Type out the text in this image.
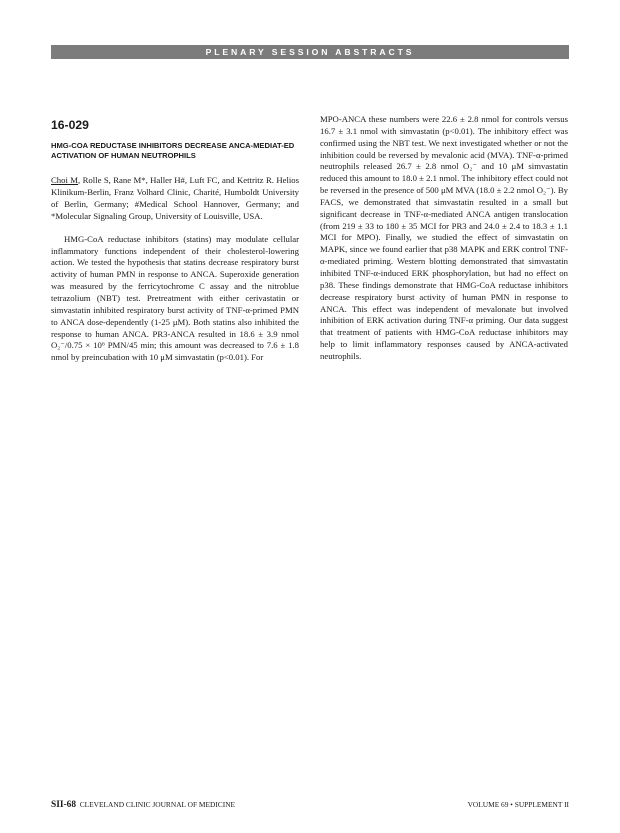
PLENARY SESSION ABSTRACTS
16-029
HMG-COA REDUCTASE INHIBITORS DECREASE ANCA-MEDIAT-ED ACTIVATION OF HUMAN NEUTROPHILS
Choi M, Rolle S, Rane M*, Haller H#, Luft FC, and Kettritz R. Helios Klinikum-Berlin, Franz Volhard Clinic, Charité, Humboldt University of Berlin, Germany; #Medical School Hannover, Germany; and *Molecular Signaling Group, University of Louisville, USA.
HMG-CoA reductase inhibitors (statins) may modulate cellular inflammatory functions independent of their cholesterol-lowering action. We tested the hypothesis that statins decrease respiratory burst activity of human PMN in response to ANCA. Superoxide generation was measured by the ferricytochrome C assay and the nitroblue tetrazolium (NBT) test. Pretreatment with either cerivastatin or simvastatin inhibited respiratory burst activity of TNF-α-primed PMN to ANCA dose-dependently (1-25 μM). Both statins also inhibited the response to human ANCA. PR3-ANCA resulted in 18.6 ± 3.9 nmol O₂⁻/0.75 × 10⁶ PMN/45 min; this amount was decreased to 7.6 ± 1.8 nmol by preincubation with 10 μM simvastatin (p<0.01). For
MPO-ANCA these numbers were 22.6 ± 2.8 nmol for controls versus 16.7 ± 3.1 nmol with simvastatin (p<0.01). The inhibitory effect was confirmed using the NBT test. We next investigated whether or not the inhibition could be reversed by mevalonic acid (MVA). TNF-α-primed neutrophils released 26.7 ± 2.8 nmol O₂⁻ and 10 μM simvastatin reduced this amount to 18.0 ± 2.1 nmol. The inhibitory effect could not be reversed in the presence of 500 μM MVA (18.0 ± 2.2 nmol O₂⁻). By FACS, we demonstrated that simvastatin resulted in a small but significant decrease in TNF-α-mediated ANCA antigen translocation (from 219 ± 33 to 180 ± 35 MCI for PR3 and 24.0 ± 2.4 to 18.3 ± 1.1 MCI for MPO). Finally, we studied the effect of simvastatin on MAPK, since we found earlier that p38 MAPK and ERK control TNF-α-mediated priming. Western blotting demonstrated that simvastatin inhibited TNF-α-induced ERK phosphorylation, but had no effect on p38. These findings demonstrate that HMG-CoA reductase inhibitors decrease respiratory burst activity of human PMN in response to ANCA. This effect was independent of mevalonate but involved inhibition of ERK activation during TNF-α priming. Our data suggest that treatment of patients with HMG-CoA reductase inhibitors may help to limit inflammatory responses caused by ANCA-activated neutrophils.
SII-68 CLEVELAND CLINIC JOURNAL OF MEDICINE	VOLUME 69 • SUPPLEMENT II
